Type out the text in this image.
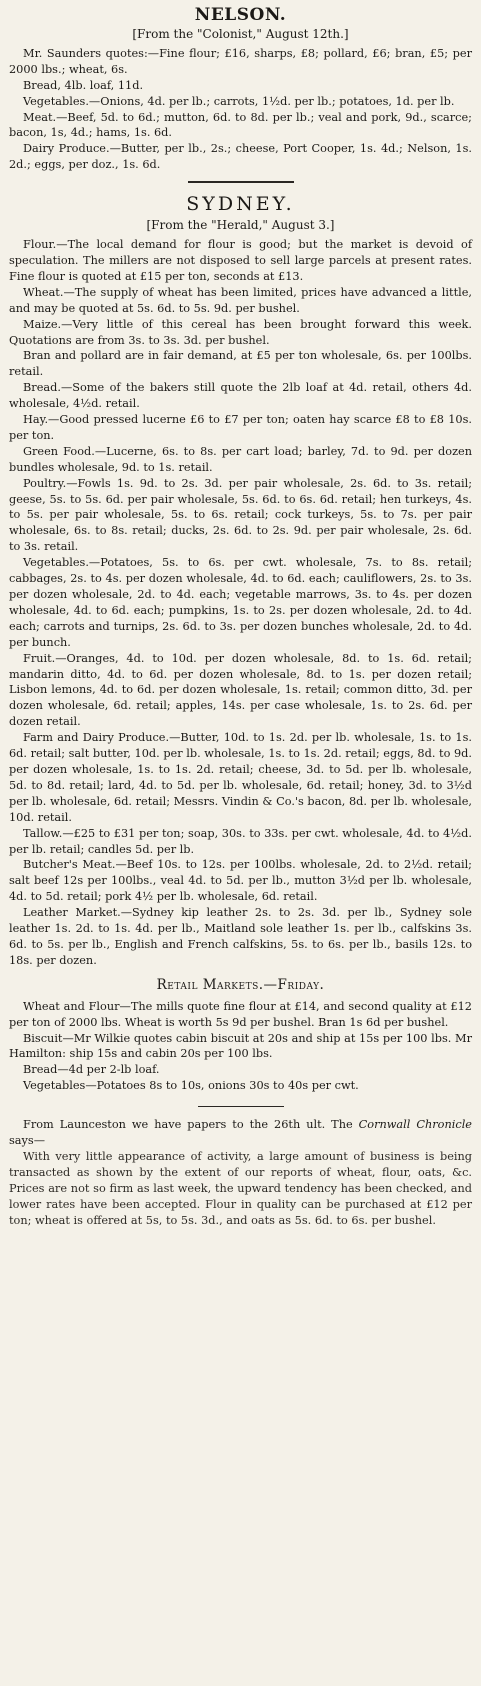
NELSON.
[From the "Colonist," August 12th.]

Mr. Saunders quotes:—Fine flour; £16, sharps, £8; pollard, £6; bran, £5; per 2000 lbs.; wheat, 6s.

Bread, 4lb. loaf, 11d.

Vegetables.—Onions, 4d. per lb.; carrots, 1½d. per lb.; potatoes, 1d. per lb.

Meat.—Beef, 5d. to 6d.; mutton, 6d. to 8d. per lb.; veal and pork, 9d., scarce; bacon, 1s, 4d.; hams, 1s. 6d.

Dairy Produce.—Butter, per lb., 2s.; cheese, Port Cooper, 1s. 4d.; Nelson, 1s. 2d.; eggs, per doz., 1s. 6d.

SYDNEY.
[From the "Herald," August 3.]

Flour.—The local demand for flour is good; but the market is devoid of speculation. The millers are not disposed to sell large parcels at present rates. Fine flour is quoted at £15 per ton, seconds at £13.

Wheat.—The supply of wheat has been limited, prices have advanced a little, and may be quoted at 5s. 6d. to 5s. 9d. per bushel.

Maize.—Very little of this cereal has been brought forward this week. Quotations are from 3s. to 3s. 3d. per bushel.

Bran and pollard are in fair demand, at £5 per ton wholesale, 6s. per 100lbs. retail.

Bread.—Some of the bakers still quote the 2lb loaf at 4d. retail, others 4d. wholesale, 4½d. retail.

Hay.—Good pressed lucerne £6 to £7 per ton; oaten hay scarce £8 to £8 10s. per ton.

Green Food.—Lucerne, 6s. to 8s. per cart load; barley, 7d. to 9d. per dozen bundles wholesale, 9d. to 1s. retail.

Poultry.—Fowls 1s. 9d. to 2s. 3d. per pair wholesale, 2s. 6d. to 3s. retail; geese, 5s. to 5s. 6d. per pair wholesale, 5s. 6d. to 6s. 6d. retail; hen turkeys, 4s. to 5s. per pair wholesale, 5s. to 6s. retail; cock turkeys, 5s. to 7s. per pair wholesale, 6s. to 8s. retail; ducks, 2s. 6d. to 2s. 9d. per pair wholesale, 2s. 6d. to 3s. retail.

Vegetables.—Potatoes, 5s. to 6s. per cwt. wholesale, 7s. to 8s. retail; cabbages, 2s. to 4s. per dozen wholesale, 4d. to 6d. each; cauliflowers, 2s. to 3s. per dozen wholesale, 2d. to 4d. each; vegetable marrows, 3s. to 4s. per dozen wholesale, 4d. to 6d. each; pumpkins, 1s. to 2s. per dozen wholesale, 2d. to 4d. each; carrots and turnips, 2s. 6d. to 3s. per dozen bunches wholesale, 2d. to 4d. per bunch.

Fruit.—Oranges, 4d. to 10d. per dozen wholesale, 8d. to 1s. 6d. retail; mandarin ditto, 4d. to 6d. per dozen wholesale, 8d. to 1s. per dozen retail; Lisbon lemons, 4d. to 6d. per dozen wholesale, 1s. retail; common ditto, 3d. per dozen wholesale, 6d. retail; apples, 14s. per case wholesale, 1s. to 2s. 6d. per dozen retail.

Farm and Dairy Produce.—Butter, 10d. to 1s. 2d. per lb. wholesale, 1s. to 1s. 6d. retail; salt butter, 10d. per lb. wholesale, 1s. to 1s. 2d. retail; eggs, 8d. to 9d. per dozen wholesale, 1s. to 1s. 2d. retail; cheese, 3d. to 5d. per lb. wholesale, 5d. to 8d. retail; lard, 4d. to 5d. per lb. wholesale, 6d. retail; honey, 3d. to 3½d per lb. wholesale, 6d. retail; Messrs. Vindin & Co.'s bacon, 8d. per lb. wholesale, 10d. retail.

Tallow.—£25 to £31 per ton; soap, 30s. to 33s. per cwt. wholesale, 4d. to 4½d. per lb. retail; candles 5d. per lb.

Butcher's Meat.—Beef 10s. to 12s. per 100lbs. wholesale, 2d. to 2½d. retail; salt beef 12s per 100lbs., veal 4d. to 5d. per lb., mutton 3½d per lb. wholesale, 4d. to 5d. retail; pork 4½ per lb. wholesale, 6d. retail.

Leather Market.—Sydney kip leather 2s. to 2s. 3d. per lb., Sydney sole leather 1s. 2d. to 1s. 4d. per lb., Maitland sole leather 1s. per lb., calfskins 3s. 6d. to 5s. per lb., English and French calfskins, 5s. to 6s. per lb., basils 12s. to 18s. per dozen.

Retail Markets.—Friday.

Wheat and Flour—The mills quote fine flour at £14, and second quality at £12 per ton of 2000 lbs. Wheat is worth 5s 9d per bushel. Bran 1s 6d per bushel.

Biscuit—Mr Wilkie quotes cabin biscuit at 20s and ship at 15s per 100 lbs. Mr Hamilton: ship 15s and cabin 20s per 100 lbs.

Bread—4d per 2-lb loaf.

Vegetables—Potatoes 8s to 10s, onions 30s to 40s per cwt.

From Launceston we have papers to the 26th ult. The Cornwall Chronicle says—

With very little appearance of activity, a large amount of business is being transacted as shown by the extent of our reports of wheat, flour, oats, &c. Prices are not so firm as last week, the upward tendency has been checked, and lower rates have been accepted. Flour in quality can be purchased at £12 per ton; wheat is offered at 5s, to 5s. 3d., and oats as 5s. 6d. to 6s. per bushel.
